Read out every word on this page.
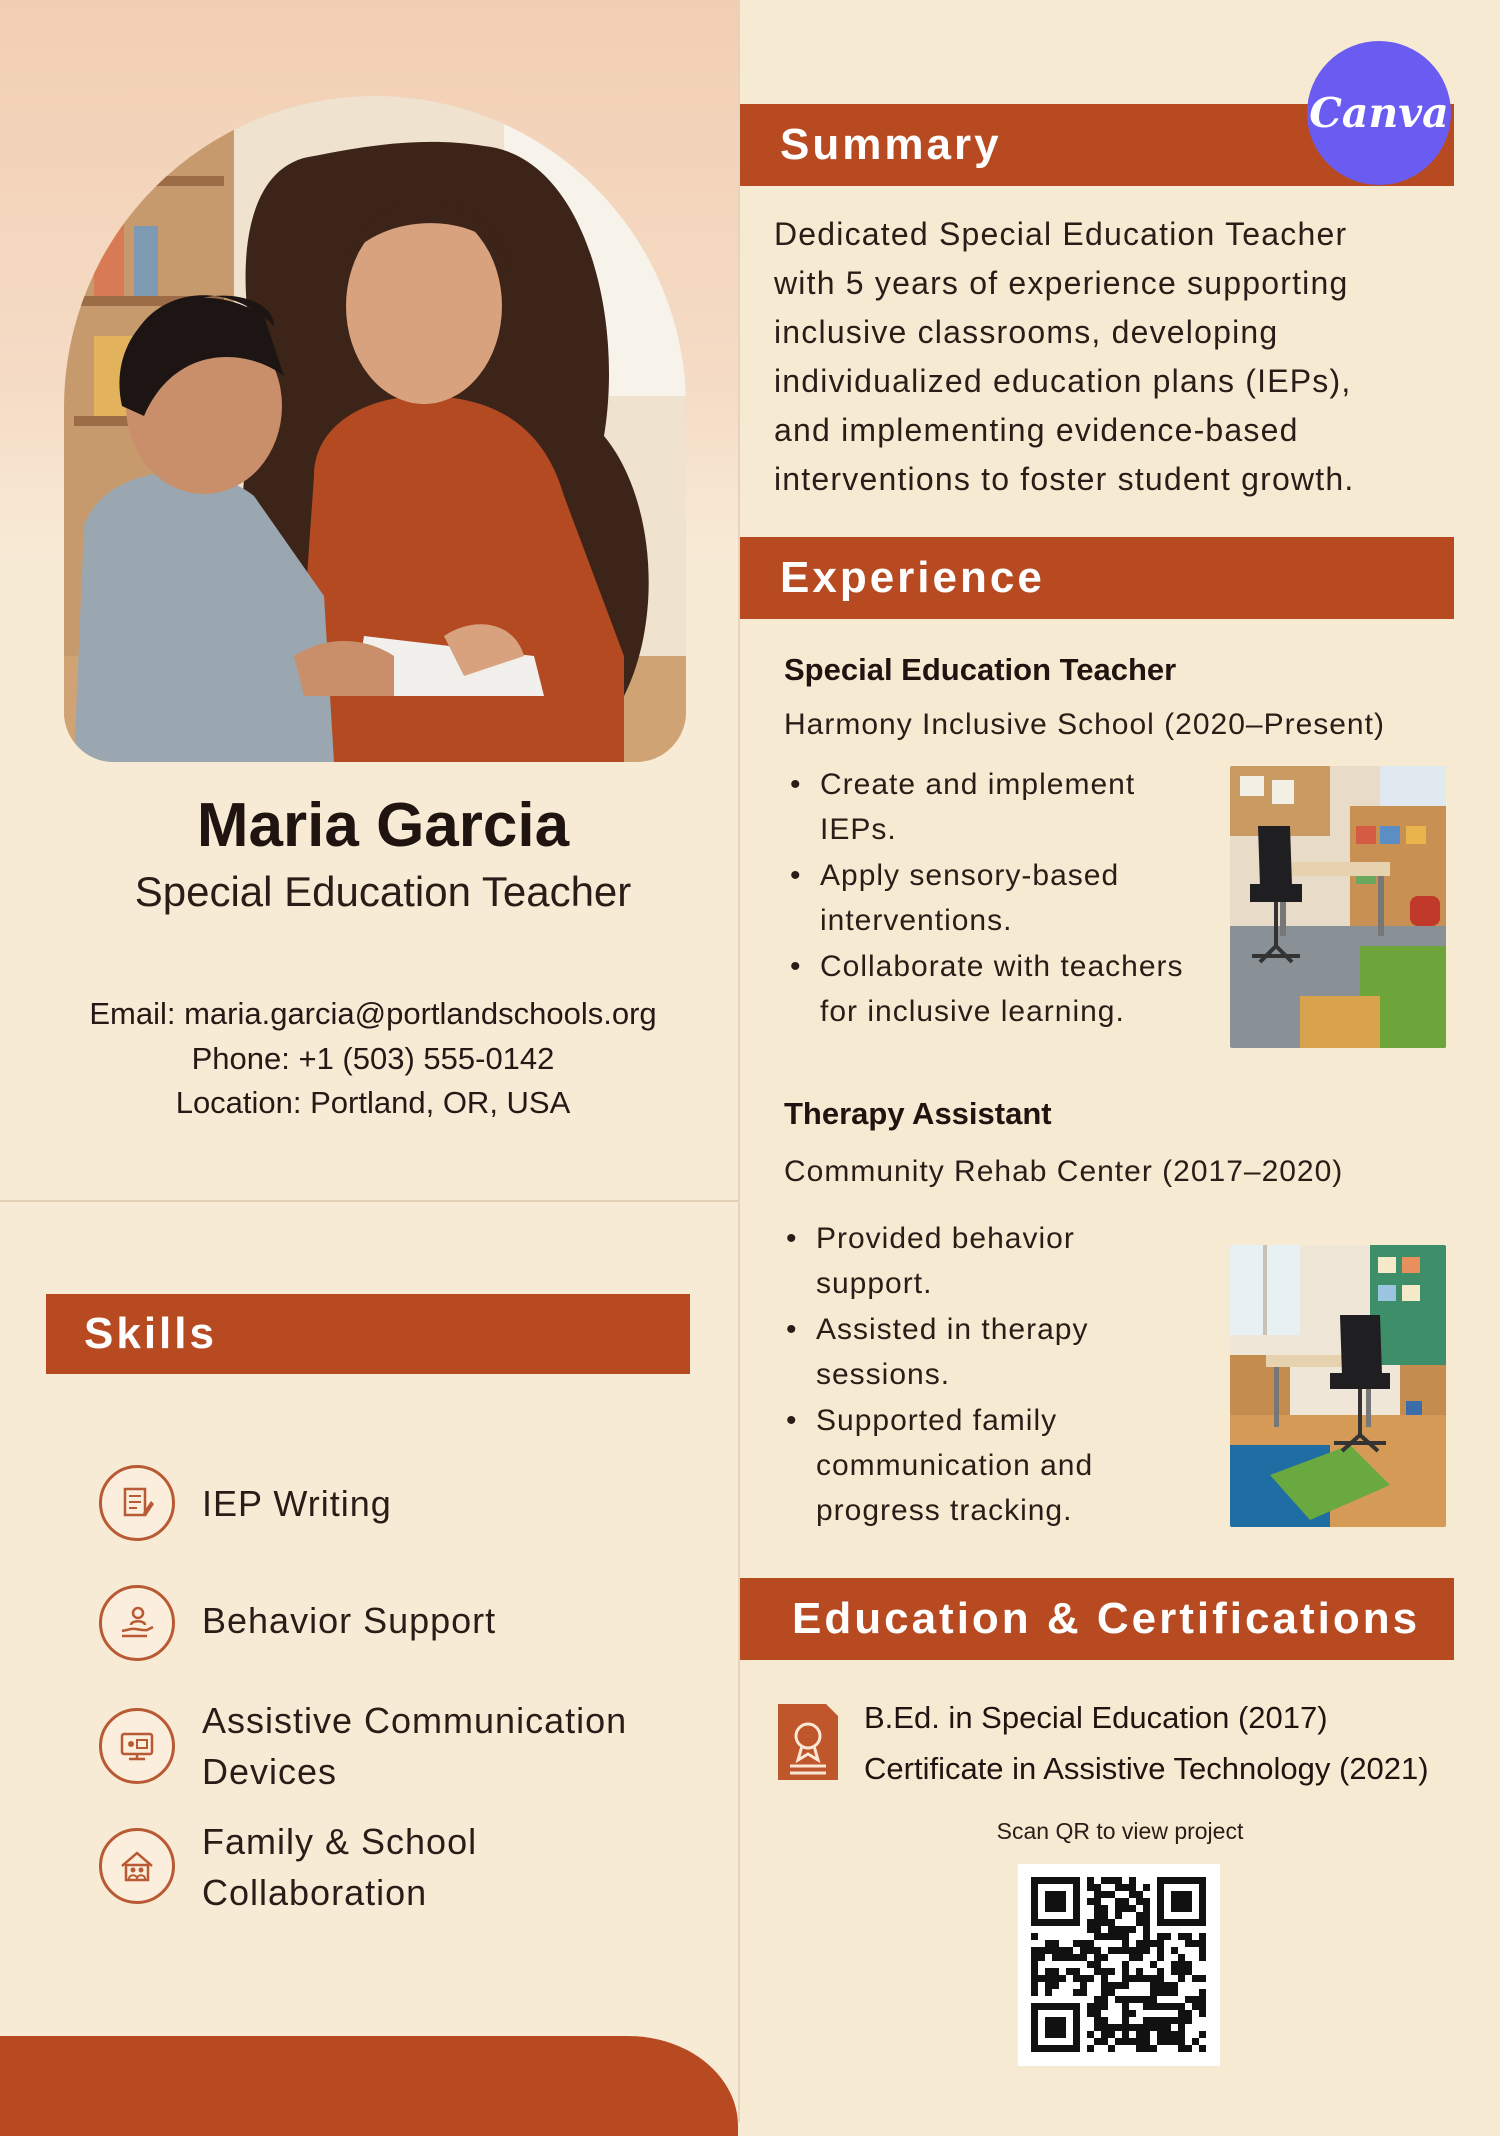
Maria Garcia
Special Education Teacher
Email: maria.garcia@portlandschools.org
Phone: +1 (503) 555-0142
Location: Portland, OR, USA
Skills
IEP Writing
Behavior Support
Assistive Communication
Devices
Family & School
Collaboration
Summary
Canva
Dedicated Special Education Teacher
with 5 years of experience supporting
inclusive classrooms, developing
individualized education plans (IEPs),
and implementing evidence-based
interventions to foster student growth.
Experience
Special Education Teacher
Harmony Inclusive School (2020–Present)
• Create and implement
IEPs.
• Apply sensory-based
interventions.
• Collaborate with teachers
for inclusive learning.
Therapy Assistant
Community Rehab Center (2017–2020)
• Provided behavior
support.
• Assisted in therapy
sessions.
• Supported family
communication and
progress tracking.
Education & Certifications
B.Ed. in Special Education (2017)
Certificate in Assistive Technology (2021)
Scan QR to view project
